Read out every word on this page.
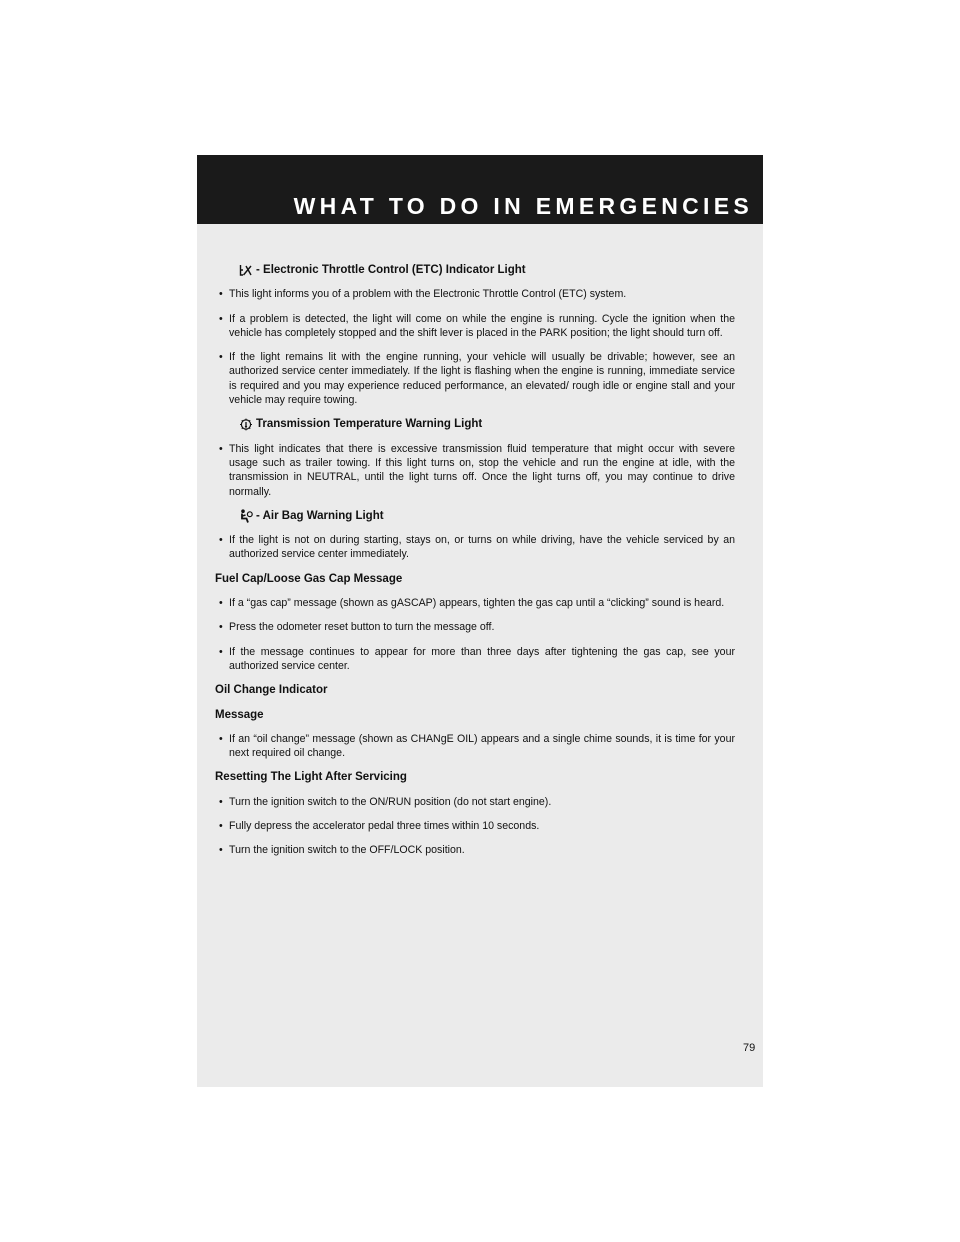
WHAT TO DO IN EMERGENCIES
- Electronic Throttle Control (ETC) Indicator Light
• This light informs you of a problem with the Electronic Throttle Control (ETC) system.
• If a problem is detected, the light will come on while the engine is running. Cycle the ignition when the vehicle has completely stopped and the shift lever is placed in the PARK position; the light should turn off.
• If the light remains lit with the engine running, your vehicle will usually be drivable; however, see an authorized service center immediately. If the light is flashing when the engine is running, immediate service is required and you may experience reduced performance, an elevated/ rough idle or engine stall and your vehicle may require towing.
Transmission Temperature Warning Light
• This light indicates that there is excessive transmission fluid temperature that might occur with severe usage such as trailer towing. If this light turns on, stop the vehicle and run the engine at idle, with the transmission in NEUTRAL, until the light turns off. Once the light turns off, you may continue to drive normally.
- Air Bag Warning Light
• If the light is not on during starting, stays on, or turns on while driving, have the vehicle serviced by an authorized service center immediately.
Fuel Cap/Loose Gas Cap Message
• If a “gas cap” message (shown as gASCAP) appears, tighten the gas cap until a “clicking” sound is heard.
• Press the odometer reset button to turn the message off.
• If the message continues to appear for more than three days after tightening the gas cap, see your authorized service center.
Oil Change Indicator
Message
• If an “oil change” message (shown as CHANgE OIL) appears and a single chime sounds, it is time for your next required oil change.
Resetting The Light After Servicing
• Turn the ignition switch to the ON/RUN position (do not start engine).
• Fully depress the accelerator pedal three times within 10 seconds.
• Turn the ignition switch to the OFF/LOCK position.
79
